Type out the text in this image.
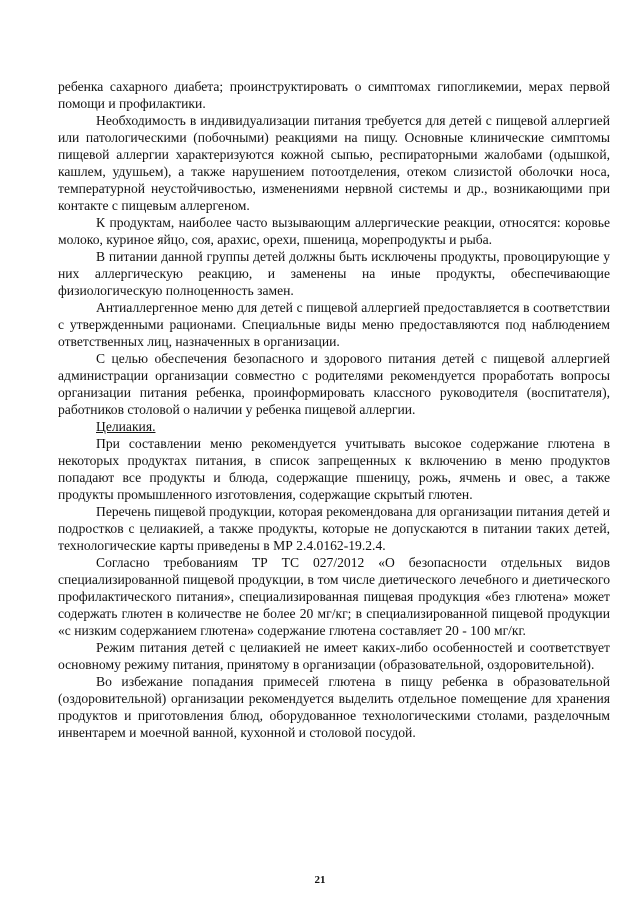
ребенка сахарного диабета; проинструктировать о симптомах гипогликемии, мерах первой помощи и профилактики.

Необходимость в индивидуализации питания требуется для детей с пищевой аллергией или патологическими (побочными) реакциями на пищу. Основные клинические симптомы пищевой аллергии характеризуются кожной сыпью, респираторными жалобами (одышкой, кашлем, удушьем), а также нарушением потоотделения, отеком слизистой оболочки носа, температурной неустойчивостью, изменениями нервной системы и др., возникающими при контакте с пищевым аллергеном.

К продуктам, наиболее часто вызывающим аллергические реакции, относятся: коровье молоко, куриное яйцо, соя, арахис, орехи, пшеница, морепродукты и рыба.

В питании данной группы детей должны быть исключены продукты, провоцирующие у них аллергическую реакцию, и заменены на иные продукты, обеспечивающие физиологическую полноценность замен.

Антиаллергенное меню для детей с пищевой аллергией предоставляется в соответствии с утвержденными рационами. Специальные виды меню предоставляются под наблюдением ответственных лиц, назначенных в организации.

С целью обеспечения безопасного и здорового питания детей с пищевой аллергией администрации организации совместно с родителями рекомендуется проработать вопросы организации питания ребенка, проинформировать классного руководителя (воспитателя), работников столовой о наличии у ребенка пищевой аллергии.

Целиакия.

При составлении меню рекомендуется учитывать высокое содержание глютена в некоторых продуктах питания, в список запрещенных к включению в меню продуктов попадают все продукты и блюда, содержащие пшеницу, рожь, ячмень и овес, а также продукты промышленного изготовления, содержащие скрытый глютен.

Перечень пищевой продукции, которая рекомендована для организации питания детей и подростков с целиакией, а также продукты, которые не допускаются в питании таких детей, технологические карты приведены в МР 2.4.0162-19.2.4.

Согласно требованиям ТР ТС 027/2012 «О безопасности отдельных видов специализированной пищевой продукции, в том числе диетического лечебного и диетического профилактического питания», специализированная пищевая продукция «без глютена» может содержать глютен в количестве не более 20 мг/кг; в специализированной пищевой продукции «с низким содержанием глютена» содержание глютена составляет 20 - 100 мг/кг.

Режим питания детей с целиакией не имеет каких-либо особенностей и соответствует основному режиму питания, принятому в организации (образовательной, оздоровительной).

Во избежание попадания примесей глютена в пищу ребенка в образовательной (оздоровительной) организации рекомендуется выделить отдельное помещение для хранения продуктов и приготовления блюд, оборудованное технологическими столами, разделочным инвентарем и моечной ванной, кухонной и столовой посудой.

21
